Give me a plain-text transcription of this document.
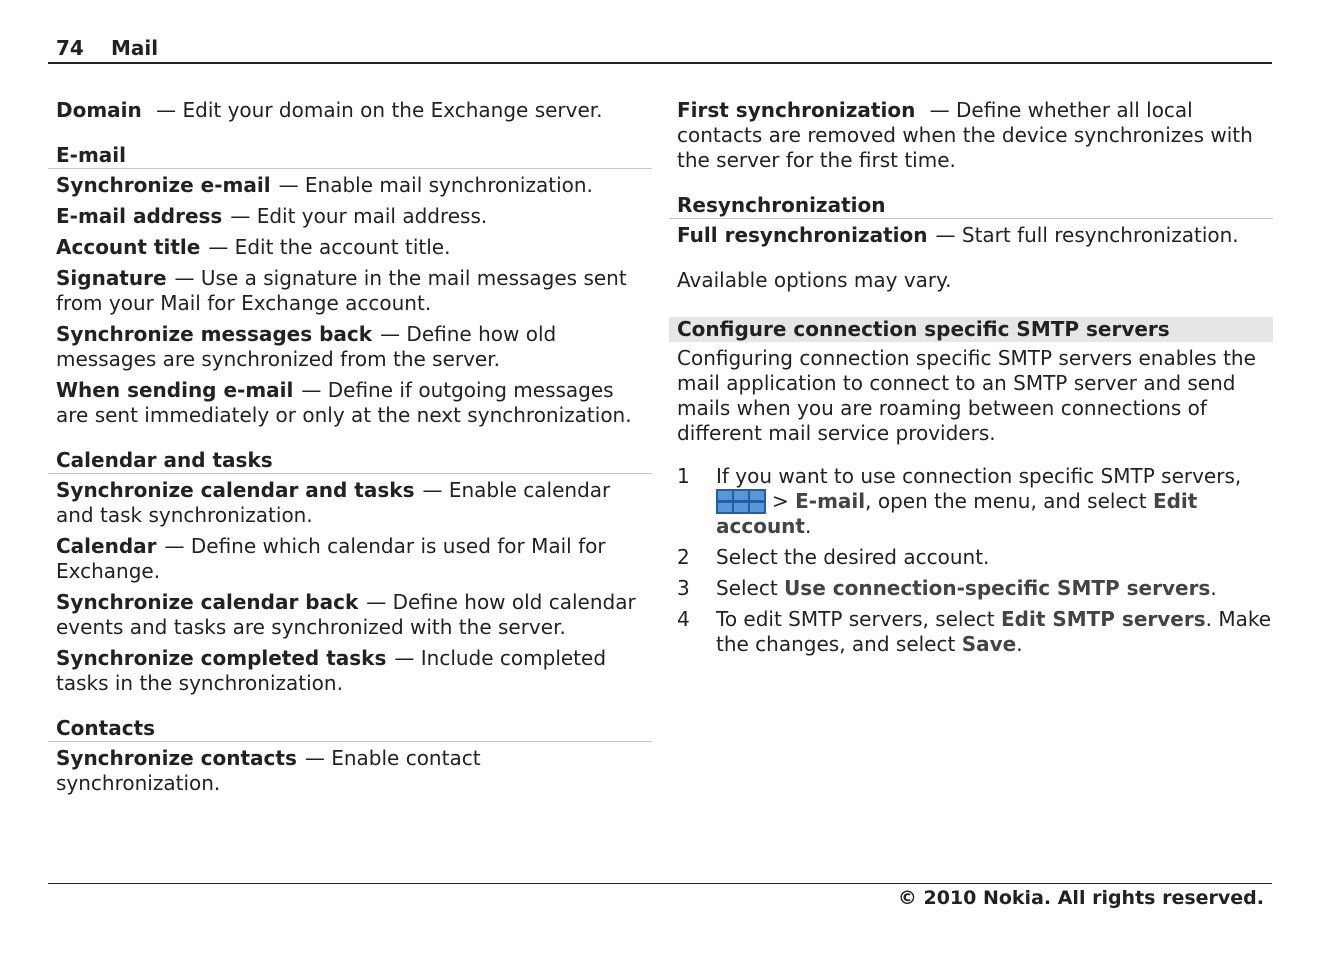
74 Mail
Domain — Edit your domain on the Exchange server.
E-mail
Synchronize e-mail — Enable mail synchronization.
E-mail address — Edit your mail address.
Account title — Edit the account title.
Signature — Use a signature in the mail messages sent from your Mail for Exchange account.
Synchronize messages back — Define how old messages are synchronized from the server.
When sending e-mail — Define if outgoing messages are sent immediately or only at the next synchronization.
Calendar and tasks
Synchronize calendar and tasks — Enable calendar and task synchronization.
Calendar — Define which calendar is used for Mail for Exchange.
Synchronize calendar back — Define how old calendar events and tasks are synchronized with the server.
Synchronize completed tasks — Include completed tasks in the synchronization.
Contacts
Synchronize contacts — Enable contact synchronization.
First synchronization — Define whether all local contacts are removed when the device synchronizes with the server for the first time.
Resynchronization
Full resynchronization — Start full resynchronization.
Available options may vary.
Configure connection specific SMTP servers
Configuring connection specific SMTP servers enables the mail application to connect to an SMTP server and send mails when you are roaming between connections of different mail service providers.
1 If you want to use connection specific SMTP servers,
> E-mail, open the menu, and select Edit account.
2 Select the desired account.
3 Select Use connection-specific SMTP servers.
4 To edit SMTP servers, select Edit SMTP servers. Make the changes, and select Save.
© 2010 Nokia. All rights reserved.
